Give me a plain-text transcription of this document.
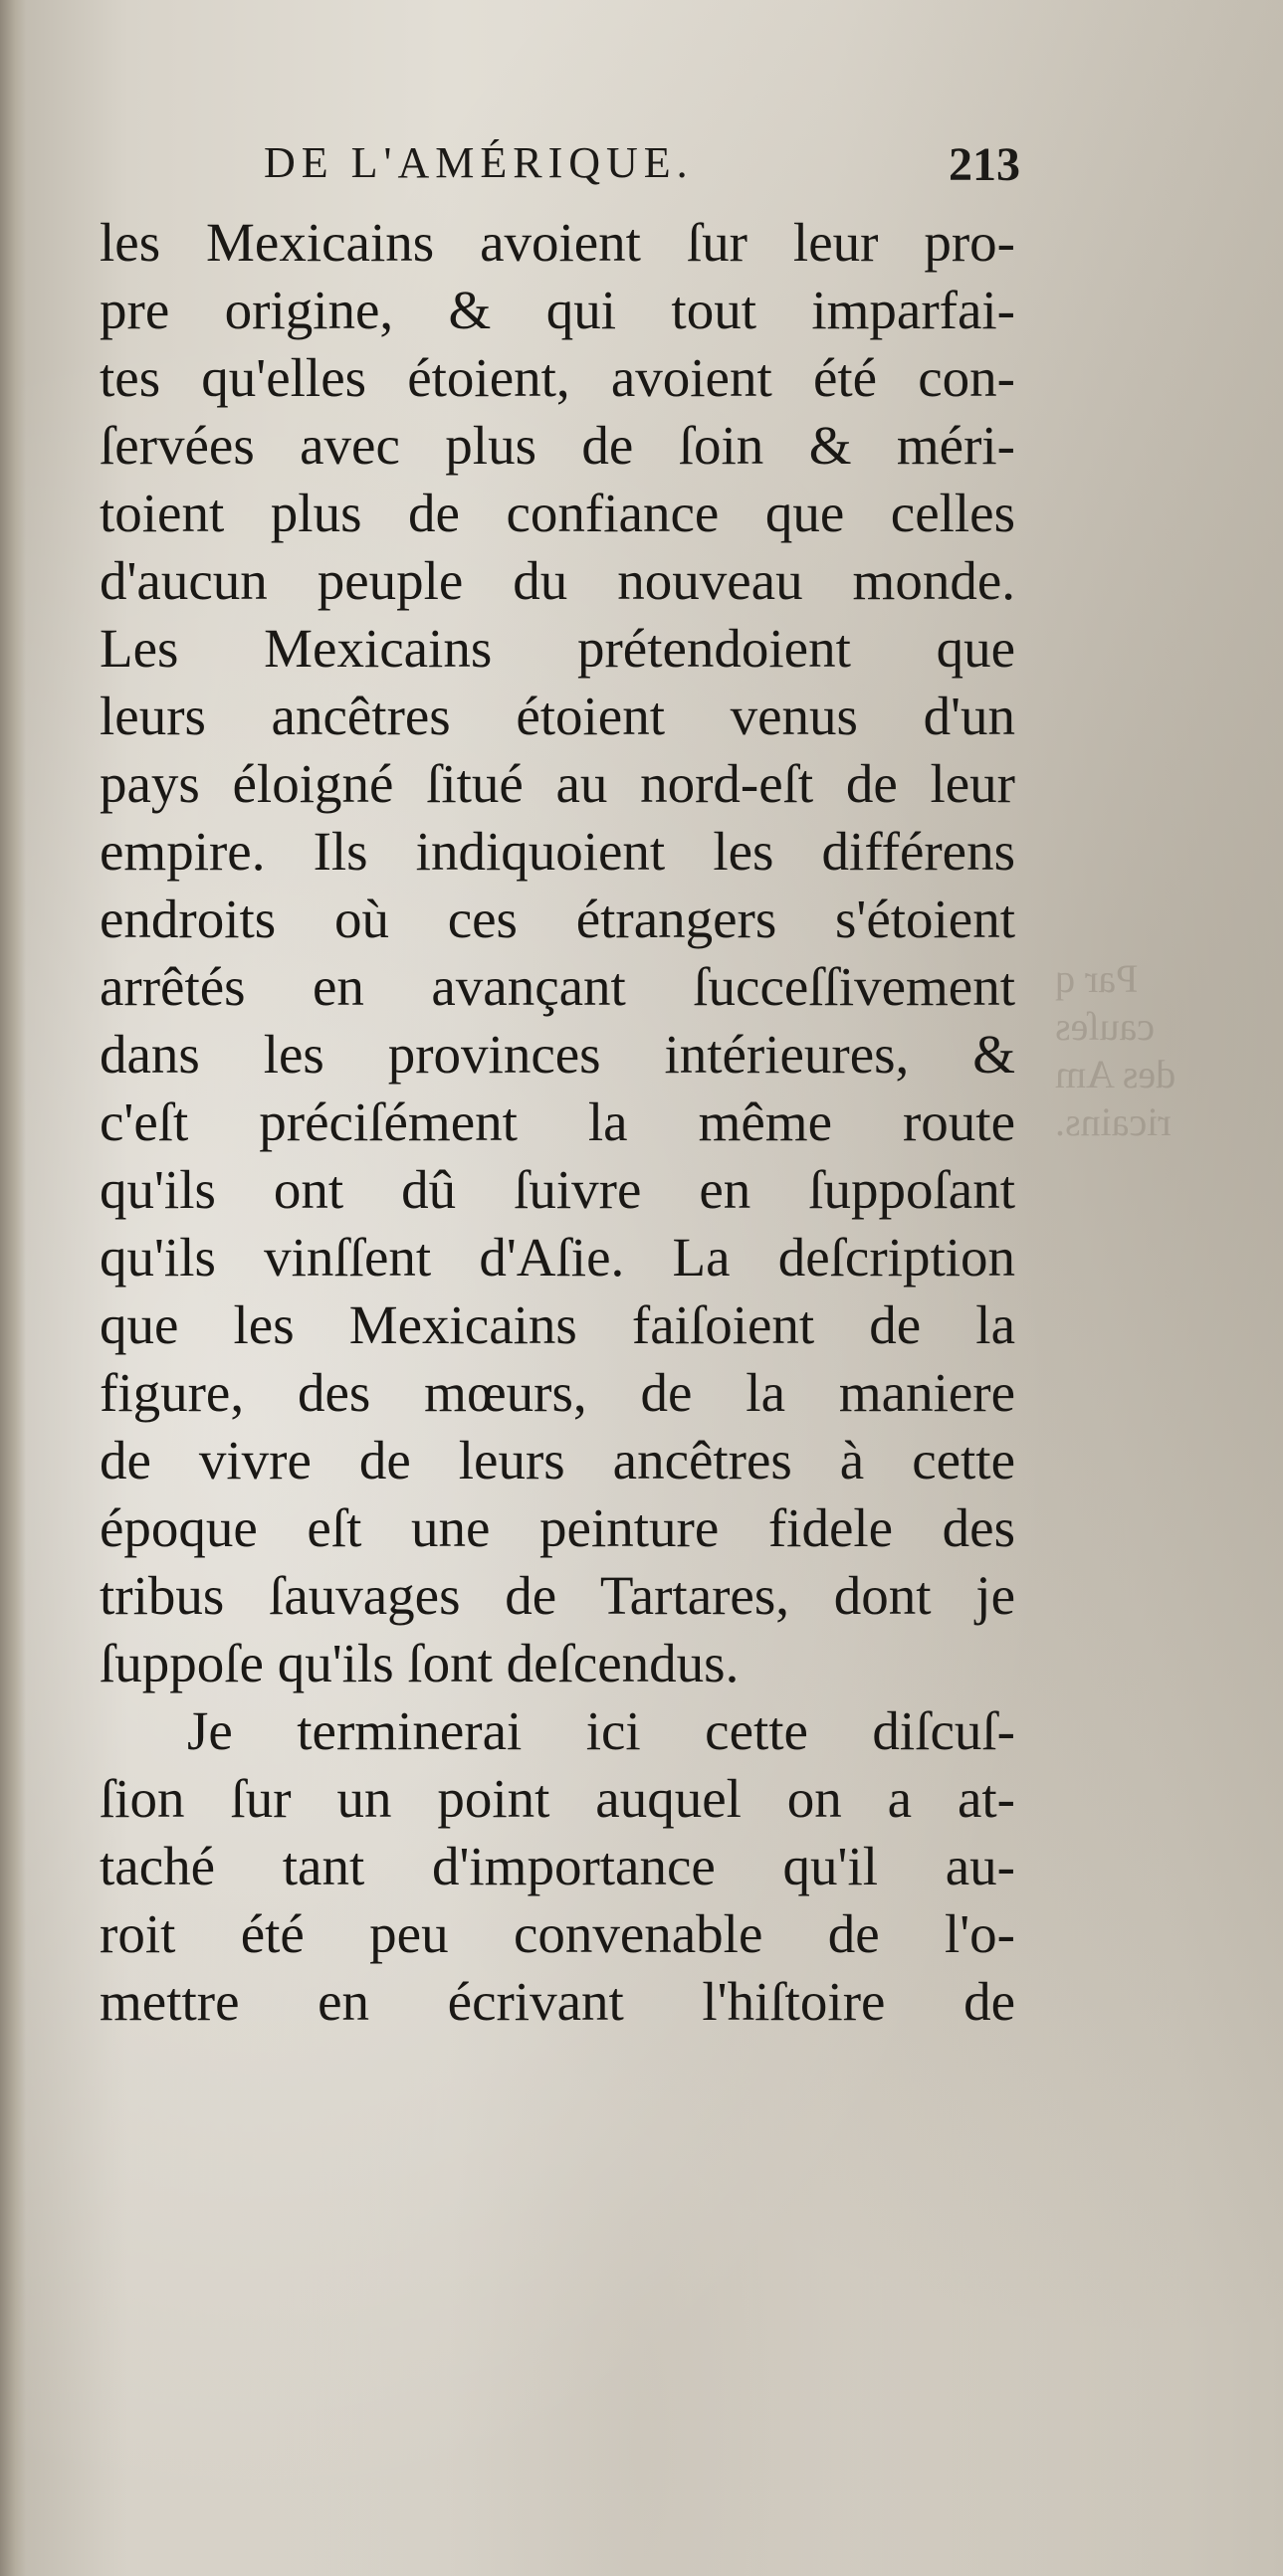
DE L'AMÉRIQUE.	213
les Mexicains avoient ſur leur pro-
pre origine, & qui tout imparfai-
tes qu'elles étoient, avoient été con-
ſervées avec plus de ſoin & méri-
toient plus de confiance que celles
d'aucun peuple du nouveau monde.
Les Mexicains prétendoient que
leurs ancêtres étoient venus d'un
pays éloigné ſitué au nord-eſt de leur
empire. Ils indiquoient les différens
endroits où ces étrangers s'étoient
arrêtés en avançant ſucceſſivement
dans les provinces intérieures, &
c'eſt préciſément la même route
qu'ils ont dû ſuivre en ſuppoſant
qu'ils vinſſent d'Aſie. La deſcription
que les Mexicains faiſoient de la
figure, des mœurs, de la maniere
de vivre de leurs ancêtres à cette
époque eſt une peinture fidele des
tribus ſauvages de Tartares, dont je
ſuppoſe qu'ils ſont deſcendus.
Je terminerai ici cette diſcuſ-
ſion ſur un point auquel on a at-
taché tant d'importance qu'il au-
roit été peu convenable de l'o-
mettre en écrivant l'hiſtoire de
Par q
cauſes
des Am
ricains.
